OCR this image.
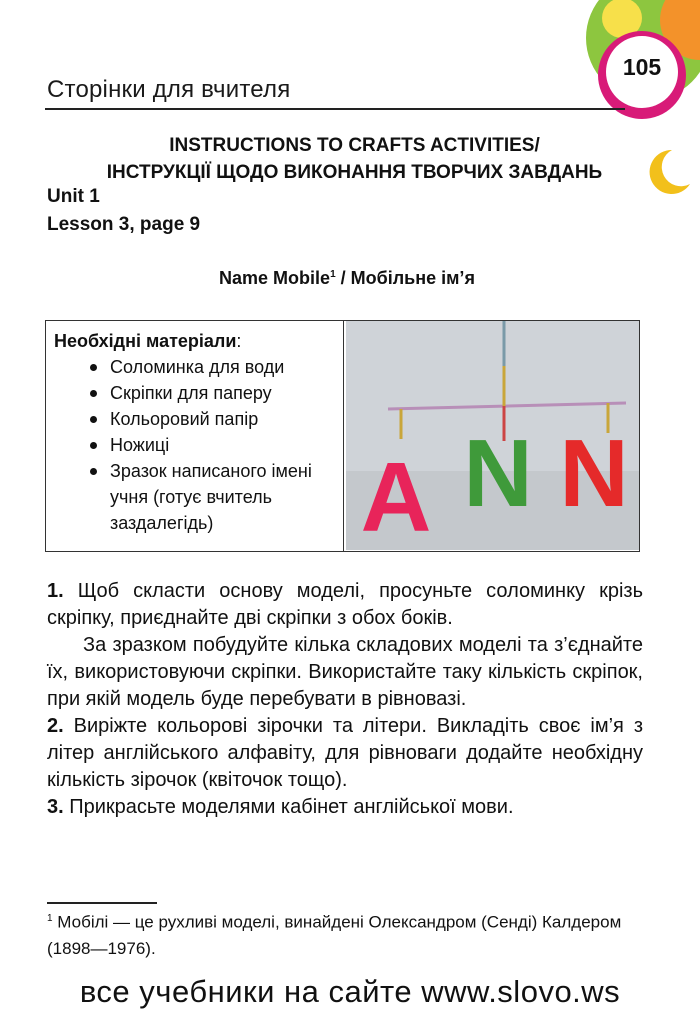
Сторінки для вчителя
105
INSTRUCTIONS TO CRAFTS ACTIVITIES/
ІНСТРУКЦІЇ ЩОДО ВИКОНАННЯ ТВОРЧИХ ЗАВДАНЬ
Unit 1
Lesson 3, page 9
Name Mobile$^1$ / Мобільне ім’я
Необхідні матеріали:
Соломинка для води
Скріпки для паперу
Кольоровий папір
Ножиці
Зразок написаного імені учня (готує вчитель заздалегідь)	A N N

1. Щоб скласти основу моделі, просуньте соломинку крізь скріпку, приєднайте дві скріпки з обох боків.

За зразком побудуйте кілька складових моделі та з’єднайте їх, використовуючи скріпки. Використайте таку кількість скріпок, при якій модель буде перебувати в рівновазі.

2. Виріжте кольорові зірочки та літери. Викладіть своє ім’я з літер англійського алфавіту, для рівноваги додайте необхідну кількість зірочок (квіточок тощо).

3. Прикрасьте моделями кабінет англійської мови.

$^1$ Мобілі — це рухливі моделі, винайдені Олександром (Сенді) Калдером (1898—1976).
все учебники на сайте www.slovo.ws
